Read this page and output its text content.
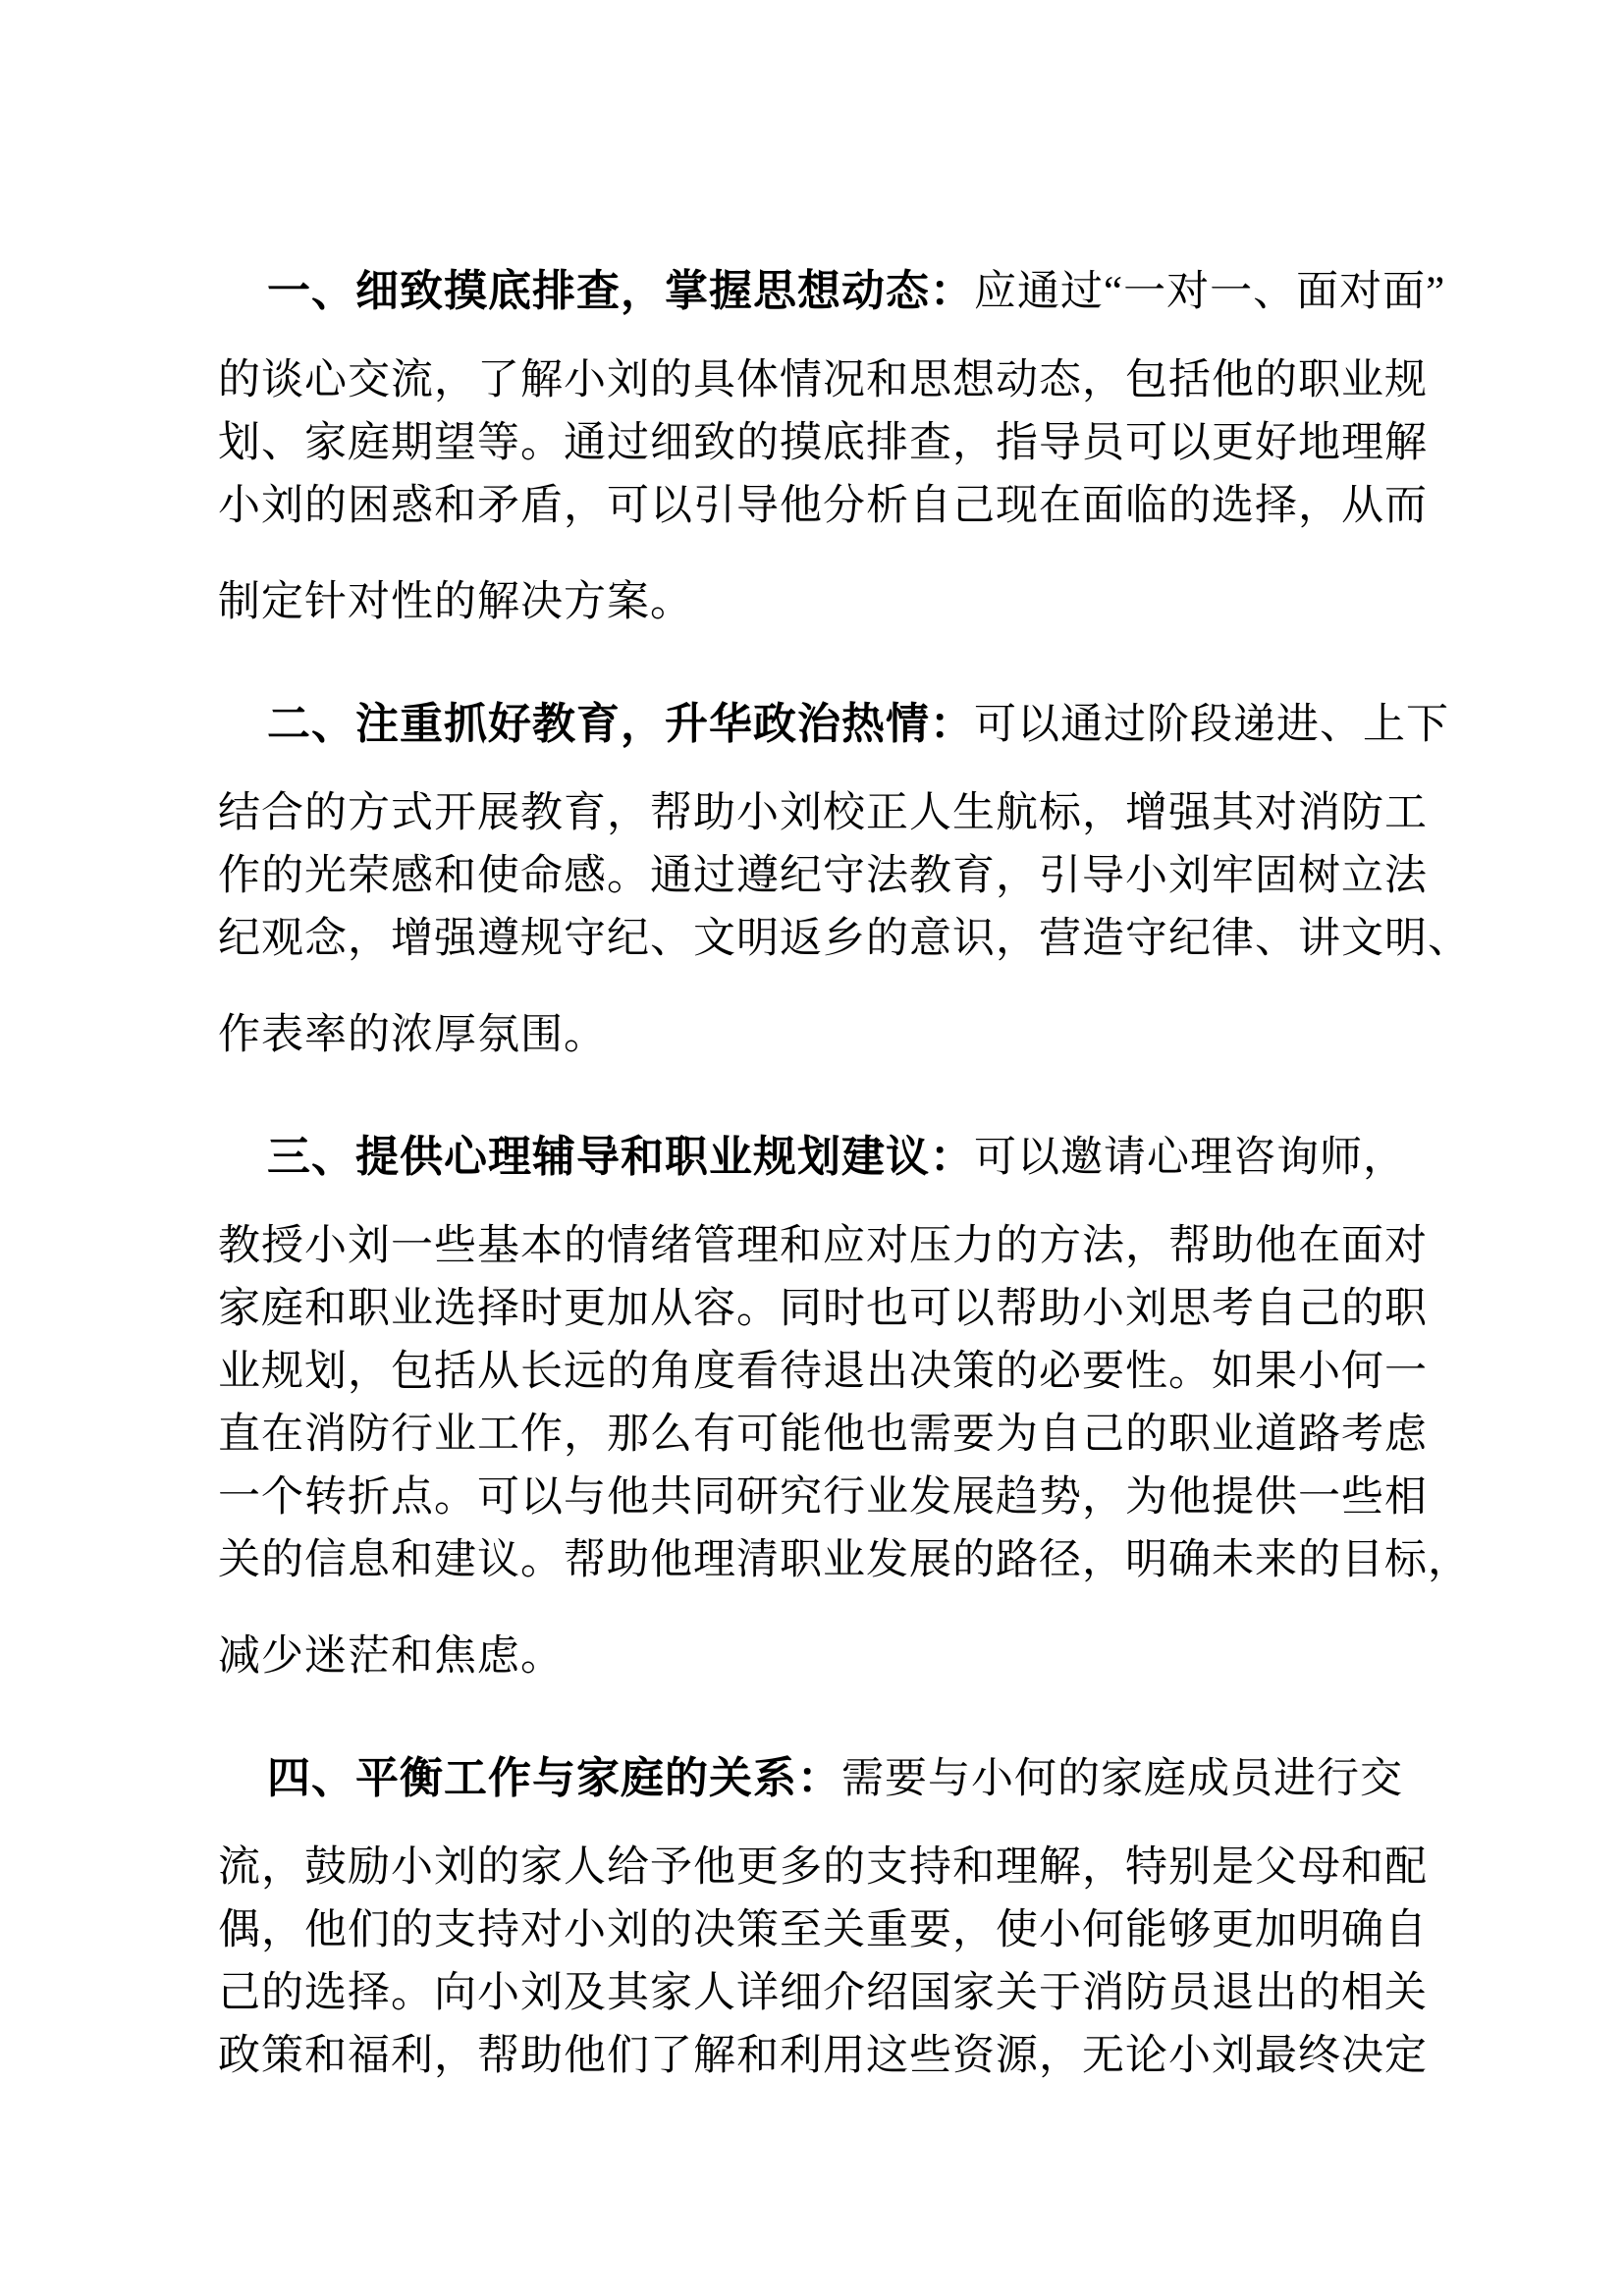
一、细致摸底排查，掌握思想动态：应通过“一对一、面对面”

的谈心交流，了解小刘的具体情况和思想动态，包括他的职业规

划、家庭期望等。通过细致的摸底排查，指导员可以更好地理解

小刘的困惑和矛盾，可以引导他分析自己现在面临的选择，从而

制定针对性的解决方案。

二、注重抓好教育，升华政治热情：可以通过阶段递进、上下

结合的方式开展教育，帮助小刘校正人生航标，增强其对消防工

作的光荣感和使命感。通过遵纪守法教育，引导小刘牢固树立法

纪观念，增强遵规守纪、文明返乡的意识，营造守纪律、讲文明、

作表率的浓厚氛围。

三、提供心理辅导和职业规划建议：可以邀请心理咨询师，

教授小刘一些基本的情绪管理和应对压力的方法，帮助他在面对

家庭和职业选择时更加从容。同时也可以帮助小刘思考自己的职

业规划，包括从长远的角度看待退出决策的必要性。如果小何一

直在消防行业工作，那么有可能他也需要为自己的职业道路考虑

一个转折点。可以与他共同研究行业发展趋势，为他提供一些相

关的信息和建议。帮助他理清职业发展的路径，明确未来的目标，

减少迷茫和焦虑。

四、平衡工作与家庭的关系：需要与小何的家庭成员进行交

流，鼓励小刘的家人给予他更多的支持和理解，特别是父母和配

偶，他们的支持对小刘的决策至关重要，使小何能够更加明确自

己的选择。向小刘及其家人详细介绍国家关于消防员退出的相关

政策和福利，帮助他们了解和利用这些资源，无论小刘最终决定
